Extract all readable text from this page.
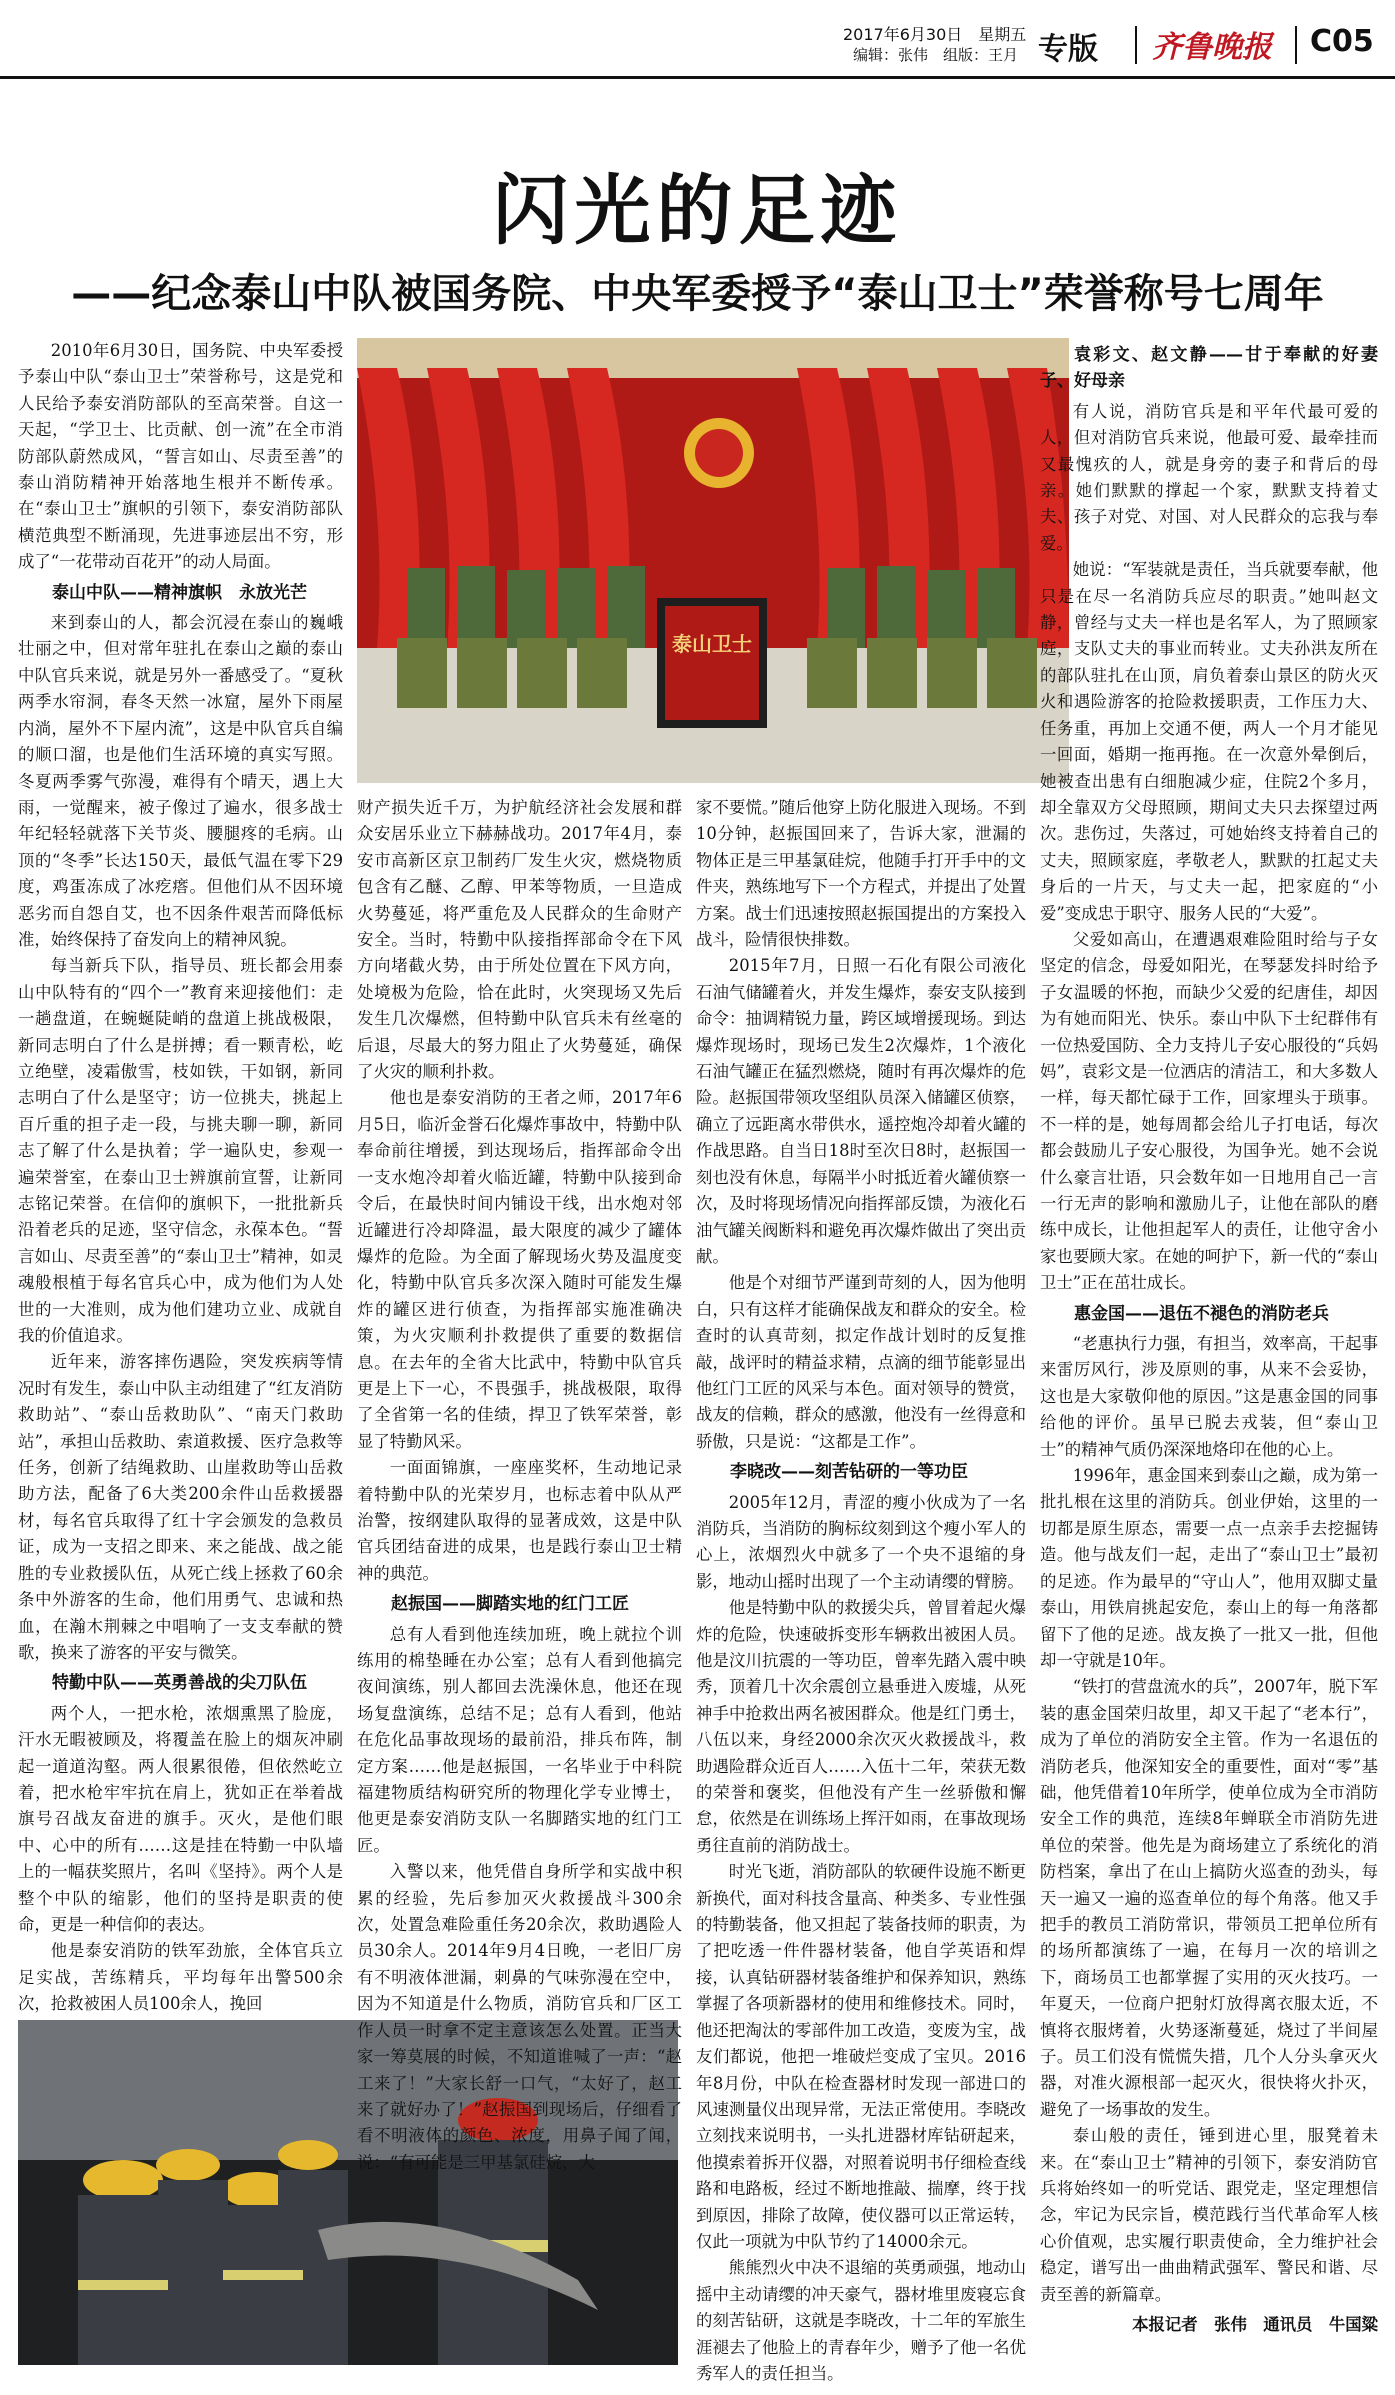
2017年6月30日　星期五
编辑：张伟　组版：王月 专版 齐鲁晚报 C05
闪光的足迹
——纪念泰山中队被国务院、中央军委授予“泰山卫士”荣誉称号七周年
泰山卫士

2010年6月30日，国务院、中央军委授予泰山中队“泰山卫士”荣誉称号，这是党和人民给予泰安消防部队的至高荣誉。自这一天起，“学卫士、比贡献、创一流”在全市消防部队蔚然成风，“誓言如山、尽责至善”的泰山消防精神开始落地生根并不断传承。在“泰山卫士”旗帜的引领下，泰安消防部队横范典型不断涌现，先进事迹层出不穷，形成了“一花带动百花开”的动人局面。

泰山中队——精神旗帜　永放光芒

来到泰山的人，都会沉浸在泰山的巍峨壮丽之中，但对常年驻扎在泰山之巅的泰山中队官兵来说，就是另外一番感受了。“夏秋两季水帘洞，春冬天然一冰窟，屋外下雨屋内淌，屋外不下屋内流”，这是中队官兵自编的顺口溜，也是他们生活环境的真实写照。冬夏两季雾气弥漫，难得有个晴天，遇上大雨，一觉醒来，被子像过了遍水，很多战士年纪轻轻就落下关节炎、腰腿疼的毛病。山顶的“冬季”长达150天，最低气温在零下29度，鸡蛋冻成了冰疙瘩。但他们从不因环境恶劣而自怨自艾，也不因条件艰苦而降低标准，始终保持了奋发向上的精神风貌。

每当新兵下队，指导员、班长都会用泰山中队特有的“四个一”教育来迎接他们：走一趟盘道，在蜿蜒陡峭的盘道上挑战极限，新同志明白了什么是拼搏；看一颗青松，屹立绝壁，凌霜傲雪，枝如铁，干如钢，新同志明白了什么是坚守；访一位挑夫，挑起上百斤重的担子走一段，与挑夫聊一聊，新同志了解了什么是执着；学一遍队史，参观一遍荣誉室，在泰山卫士辨旗前宣誓，让新同志铭记荣誉。在信仰的旗帜下，一批批新兵沿着老兵的足迹，坚守信念，永葆本色。“誓言如山、尽责至善”的“泰山卫士”精神，如灵魂般根植于每名官兵心中，成为他们为人处世的一大准则，成为他们建功立业、成就自我的价值追求。

近年来，游客摔伤遇险，突发疾病等情况时有发生，泰山中队主动组建了“红友消防救助站”、“泰山岳救助队”、“南天门救助站”，承担山岳救助、索道救援、医疗急救等任务，创新了结绳救助、山崖救助等山岳救助方法，配备了6大类200余件山岳救援器材，每名官兵取得了红十字会颁发的急救员证，成为一支招之即来、来之能战、战之能胜的专业救援队伍，从死亡线上拯救了60余条中外游客的生命，他们用勇气、忠诚和热血，在瀚木荆棘之中唱响了一支支奉献的赞歌，换来了游客的平安与微笑。

特勤中队——英勇善战的尖刀队伍

两个人，一把水枪，浓烟熏黑了脸庞，汗水无暇被顾及，将覆盖在脸上的烟灰冲刷起一道道沟壑。两人很累很倦，但依然屹立着，把水枪牢牢抗在肩上，犹如正在举着战旗号召战友奋进的旗手。灭火，是他们眼中、心中的所有……这是挂在特勤一中队墙上的一幅获奖照片，名叫《坚持》。两个人是整个中队的缩影，他们的坚持是职责的使命，更是一种信仰的表达。

他是泰安消防的铁军劲旅，全体官兵立足实战，苦练精兵，平均每年出警500余次，抢救被困人员100余人，挽回

财产损失近千万，为护航经济社会发展和群众安居乐业立下赫赫战功。2017年4月，泰安市高新区京卫制药厂发生火灾，燃烧物质包含有乙醚、乙醇、甲苯等物质，一旦造成火势蔓延，将严重危及人民群众的生命财产安全。当时，特勤中队接指挥部命令在下风方向堵截火势，由于所处位置在下风方向，处境极为危险，恰在此时，火突现场又先后发生几次爆燃，但特勤中队官兵未有丝毫的后退，尽最大的努力阻止了火势蔓延，确保了火灾的顺利扑救。

他也是泰安消防的王者之师，2017年6月5日，临沂金誉石化爆炸事故中，特勤中队奉命前往增援，到达现场后，指挥部命令出一支水炮冷却着火临近罐，特勤中队接到命令后，在最快时间内铺设干线，出水炮对邻近罐进行冷却降温，最大限度的减少了罐体爆炸的危险。为全面了解现场火势及温度变化，特勤中队官兵多次深入随时可能发生爆炸的罐区进行侦查，为指挥部实施准确决策，为火灾顺利扑救提供了重要的数据信息。在去年的全省大比武中，特勤中队官兵更是上下一心，不畏强手，挑战极限，取得了全省第一名的佳绩，捍卫了铁军荣誉，彰显了特勤风采。

一面面锦旗，一座座奖杯，生动地记录着特勤中队的光荣岁月，也标志着中队从严治警，按纲建队取得的显著成效，这是中队官兵团结奋进的成果，也是践行泰山卫士精神的典范。

赵振国——脚踏实地的红门工匠

总有人看到他连续加班，晚上就拉个训练用的棉垫睡在办公室；总有人看到他搞完夜间演练，别人都回去洗澡休息，他还在现场复盘演练，总结不足；总有人看到，他站在危化品事故现场的最前沿，排兵布阵，制定方案……他是赵振国，一名毕业于中科院福建物质结构研究所的物理化学专业博士，他更是泰安消防支队一名脚踏实地的红门工匠。

入警以来，他凭借自身所学和实战中积累的经验，先后参加灭火救援战斗300余次，处置急难险重任务20余次，救助遇险人员30余人。2014年9月4日晚，一老旧厂房有不明液体泄漏，刺鼻的气味弥漫在空中，因为不知道是什么物质，消防官兵和厂区工作人员一时拿不定主意该怎么处置。正当大家一筹莫展的时候，不知道谁喊了一声：“赵工来了！”大家长舒一口气，“太好了，赵工来了就好办了！”赵振国到现场后，仔细看了看不明液体的颜色、浓度，用鼻子闻了闻，说：“有可能是三甲基氯硅烷，大

家不要慌。”随后他穿上防化服进入现场。不到10分钟，赵振国回来了，告诉大家，泄漏的物体正是三甲基氯硅烷，他随手打开手中的文件夹，熟练地写下一个方程式，并提出了处置方案。战士们迅速按照赵振国提出的方案投入战斗，险情很快排数。

2015年7月，日照一石化有限公司液化石油气储罐着火，并发生爆炸，泰安支队接到命令：抽调精锐力量，跨区域增援现场。到达爆炸现场时，现场已发生2次爆炸，1个液化石油气罐正在猛烈燃烧，随时有再次爆炸的危险。赵振国带领攻坚组队员深入储罐区侦察，确立了远距离水带供水，遥控炮冷却着火罐的作战思路。自当日18时至次日8时，赵振国一刻也没有休息，每隔半小时抵近着火罐侦察一次，及时将现场情况向指挥部反馈，为液化石油气罐关阀断料和避免再次爆炸做出了突出贡献。

他是个对细节严谨到苛刻的人，因为他明白，只有这样才能确保战友和群众的安全。检查时的认真苛刻，拟定作战计划时的反复推敲，战评时的精益求精，点滴的细节能彰显出他红门工匠的风采与本色。面对领导的赞赏，战友的信赖，群众的感激，他没有一丝得意和骄傲，只是说：“这都是工作”。

李晓改——刻苦钻研的一等功臣

2005年12月，青涩的瘦小伙成为了一名消防兵，当消防的胸标纹刻到这个瘦小军人的心上，浓烟烈火中就多了一个央不退缩的身影，地动山摇时出现了一个主动请缨的臂膀。

他是特勤中队的救援尖兵，曾冒着起火爆炸的危险，快速破拆变形车辆救出被困人员。他是汶川抗震的一等功臣，曾率先踏入震中映秀，顶着几十次余震创立悬垂进入废墟，从死神手中抢救出两名被困群众。他是红门勇士，八伍以来，身经2000余次灭火救援战斗，救助遇险群众近百人……入伍十二年，荣获无数的荣誉和褒奖，但他没有产生一丝骄傲和懈怠，依然是在训练场上挥汗如雨，在事故现场勇往直前的消防战士。

时光飞逝，消防部队的软硬件设施不断更新换代，面对科技含量高、种类多、专业性强的特勤装备，他又担起了装备技师的职责，为了把吃透一件件器材装备，他自学英语和焊接，认真钻研器材装备维护和保养知识，熟练掌握了各项新器材的使用和维修技术。同时，他还把淘汰的零部件加工改造，变废为宝，战友们都说，他把一堆破烂变成了宝贝。2016年8月份，中队在检查器材时发现一部进口的风速测量仪出现异常，无法正常使用。李晓改立刻找来说明书，一头扎进器材库钻研起来，他摸索着拆开仪器，对照着说明书仔细检查线路和电路板，经过不断地推敲、揣摩，终于找到原因，排除了故障，使仪器可以正常运转，仅此一项就为中队节约了14000余元。

熊熊烈火中决不退缩的英勇顽强，地动山摇中主动请缨的冲天豪气，器材堆里废寝忘食的刻苦钻研，这就是李晓改，十二年的军旅生涯褪去了他脸上的青春年少，赠予了他一名优秀军人的责任担当。

袁彩文、赵文静——甘于奉献的好妻子、好母亲

有人说，消防官兵是和平年代最可爱的人，但对消防官兵来说，他最可爱、最牵挂而又最愧疚的人，就是身旁的妻子和背后的母亲。她们默默的撑起一个家，默默支持着丈夫、孩子对党、对国、对人民群众的忘我与奉爱。

她说：“军装就是责任，当兵就要奉献，他只是在尽一名消防兵应尽的职责。”她叫赵文静，曾经与丈夫一样也是名军人，为了照顾家庭，支队丈夫的事业而转业。丈夫孙洪友所在的部队驻扎在山顶，肩负着泰山景区的防火灭火和遇险游客的抢险救援职责，工作压力大、任务重，再加上交通不便，两人一个月才能见一回面，婚期一拖再拖。在一次意外晕倒后，她被查出患有白细胞减少症，住院2个多月，却全靠双方父母照顾，期间丈夫只去探望过两次。悲伤过，失落过，可她始终支持着自己的丈夫，照顾家庭，孝敬老人，默默的扛起丈夫身后的一片天，与丈夫一起，把家庭的“小爱”变成忠于职守、服务人民的“大爱”。

父爱如高山，在遭遇艰难险阻时给与子女坚定的信念，母爱如阳光，在琴瑟发抖时给予子女温暖的怀抱，而缺少父爱的纪唐佳，却因为有她而阳光、快乐。泰山中队下士纪群伟有一位热爱国防、全力支持儿子安心服役的“兵妈妈”，袁彩文是一位洒店的清洁工，和大多数人一样，每天都忙碌于工作，回家埋头于琐事。不一样的是，她每周都会给儿子打电话，每次都会鼓励儿子安心服役，为国争光。她不会说什么豪言壮语，只会数年如一日地用自己一言一行无声的影响和激励儿子，让他在部队的磨练中成长，让他担起军人的责任，让他守舍小家也要顾大家。在她的呵护下，新一代的“泰山卫士”正在茁壮成长。

惠金国——退伍不褪色的消防老兵

“老惠执行力强，有担当，效率高，干起事来雷厉风行，涉及原则的事，从来不会妥协，这也是大家敬仰他的原因。”这是惠金国的同事给他的评价。虽早已脱去戎装，但“泰山卫士”的精神气质仍深深地烙印在他的心上。

1996年，惠金国来到泰山之巅，成为第一批扎根在这里的消防兵。创业伊始，这里的一切都是原生原态，需要一点一点亲手去挖掘铸造。他与战友们一起，走出了“泰山卫士”最初的足迹。作为最早的“守山人”，他用双脚丈量泰山，用铁肩挑起安危，泰山上的每一角落都留下了他的足迹。战友换了一批又一批，但他却一守就是10年。

“铁打的营盘流水的兵”，2007年，脱下军装的惠金国荣归故里，却又干起了“老本行”，成为了单位的消防安全主管。作为一名退伍的消防老兵，他深知安全的重要性，面对“零”基础，他凭借着10年所学，使单位成为全市消防安全工作的典范，连续8年蝉联全市消防先进单位的荣誉。他先是为商场建立了系统化的消防档案，拿出了在山上搞防火巡查的劲头，每天一遍又一遍的巡查单位的每个角落。他又手把手的教员工消防常识，带领员工把单位所有的场所都演练了一遍，在每月一次的培训之下，商场员工也都掌握了实用的灭火技巧。一年夏天，一位商户把射灯放得离衣服太近，不慎将衣服烤着，火势逐渐蔓延，烧过了半间屋子。员工们没有慌慌失措，几个人分头拿灭火器，对准火源根部一起灭火，很快将火扑灭，避免了一场事故的发生。

泰山般的责任，锤到进心里，服凳着未来。在“泰山卫士”精神的引领下，泰安消防官兵将始终如一的听党话、跟党走，坚定理想信念，牢记为民宗旨，模范践行当代革命军人核心价值观，忠实履行职责使命，全力维护社会稳定，谱写出一曲曲精武强军、警民和谐、尽责至善的新篇章。

本报记者　张伟　通讯员　牛国粱
